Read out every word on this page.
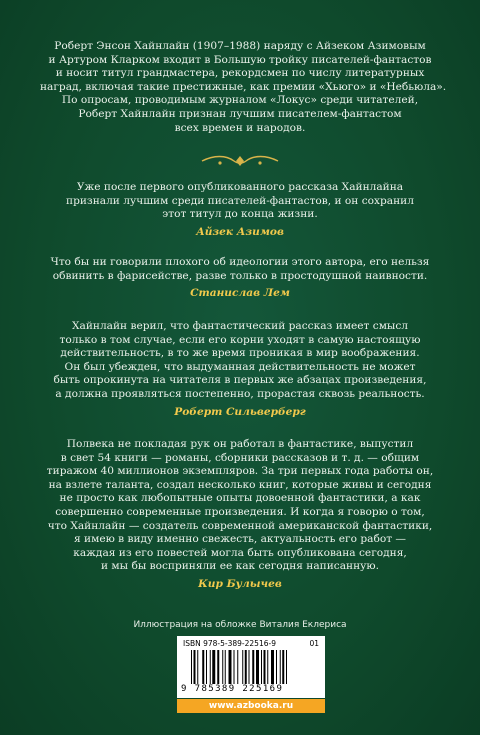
Роберт Энсон Хайнлайн (1907–1988) наряду с Айзеком Азимовым
и Артуром Кларком входит в Большую тройку писателей-фантастов
и носит титул грандмастера, рекордсмен по числу литературных
наград, включая такие престижные, как премии «Хьюго» и «Небьюла».
По опросам, проводимым журналом «Локус» среди читателей,
Роберт Хайнлайн признан лучшим писателем-фантастом
всех времен и народов.
Уже после первого опубликованного рассказа Хайнлайна
признали лучшим среди писателей-фантастов, и он сохранил
этот титул до конца жизни.
Айзек Азимов
Что бы ни говорили плохого об идеологии этого автора, его нельзя
обвинить в фарисействе, разве только в простодушной наивности.
Станислав Лем
Хайнлайн верил, что фантастический рассказ имеет смысл
только в том случае, если его корни уходят в самую настоящую
действительность, в то же время проникая в мир воображения.
Он был убежден, что выдуманная действительность не может
быть опрокинута на читателя в первых же абзацах произведения,
а должна проявляться постепенно, прорастая сквозь реальность.
Роберт Сильверберг
Полвека не покладая рук он работал в фантастике, выпустил
в свет 54 книги — романы, сборники рассказов и т. д. — общим
тиражом 40 миллионов экземпляров. За три первых года работы он,
на взлете таланта, создал несколько книг, которые живы и сегодня
не просто как любопытные опыты довоенной фантастики, а как
совершенно современные произведения. И когда я говорю о том,
что Хайнлайн — создатель современной американской фантастики,
я имею в виду именно свежесть, актуальность его работ —
каждая из его повестей могла быть опубликована сегодня,
и мы бы восприняли ее как сегодня написанную.
Кир Булычев
Иллюстрация на обложке Виталия Еклериса
ISBN 978-5-389-22516-9	01
9 785389 225169
www.azbooka.ru
